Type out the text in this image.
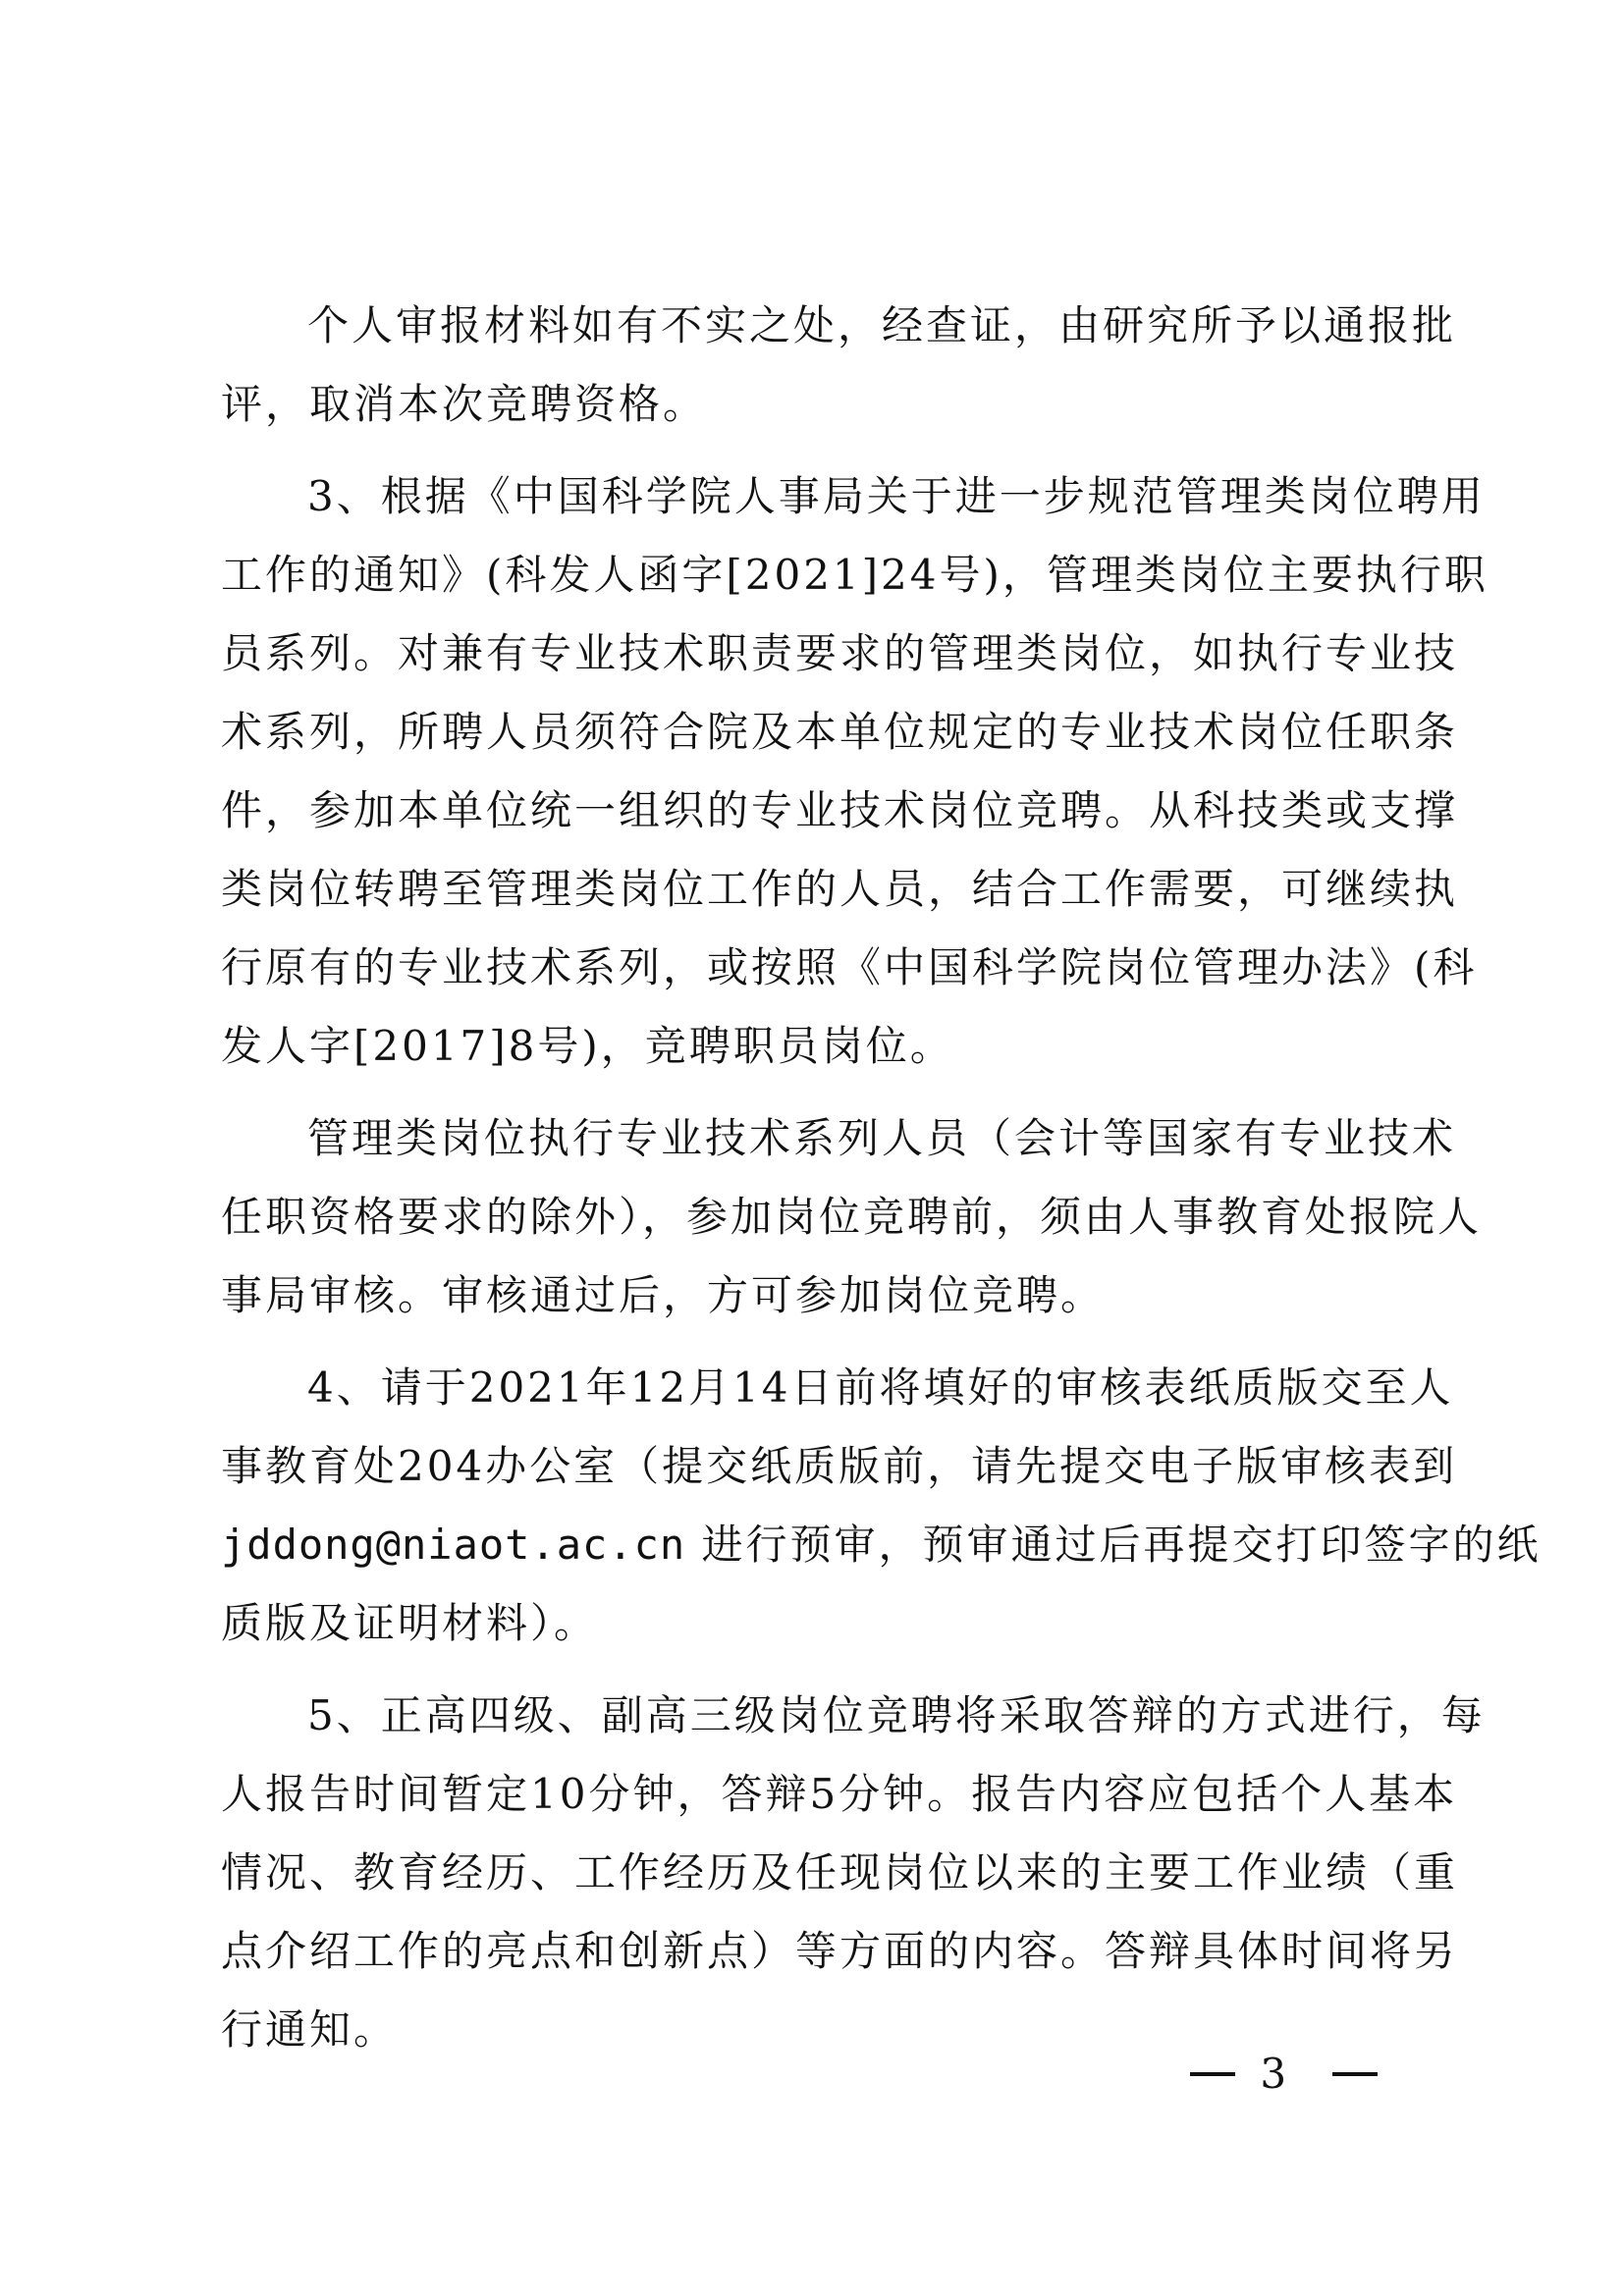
个人审报材料如有不实之处，经查证，由研究所予以通报批
评，取消本次竞聘资格。
3、根据《中国科学院人事局关于进一步规范管理类岗位聘用
工作的通知》(科发人函字[2021]24号)，管理类岗位主要执行职
员系列。对兼有专业技术职责要求的管理类岗位，如执行专业技
术系列，所聘人员须符合院及本单位规定的专业技术岗位任职条
件，参加本单位统一组织的专业技术岗位竞聘。从科技类或支撑
类岗位转聘至管理类岗位工作的人员，结合工作需要，可继续执
行原有的专业技术系列，或按照《中国科学院岗位管理办法》(科
发人字[2017]8号)，竞聘职员岗位。
管理类岗位执行专业技术系列人员（会计等国家有专业技术
任职资格要求的除外），参加岗位竞聘前，须由人事教育处报院人
事局审核。审核通过后，方可参加岗位竞聘。
4、请于2021年12月14日前将填好的审核表纸质版交至人
事教育处204办公室（提交纸质版前，请先提交电子版审核表到
jddong@niaot.ac.cn 进行预审，预审通过后再提交打印签字的纸
质版及证明材料）。
5、正高四级、副高三级岗位竞聘将采取答辩的方式进行，每
人报告时间暂定10分钟，答辩5分钟。报告内容应包括个人基本
情况、教育经历、工作经历及任现岗位以来的主要工作业绩（重
点介绍工作的亮点和创新点）等方面的内容。答辩具体时间将另
行通知。
3
